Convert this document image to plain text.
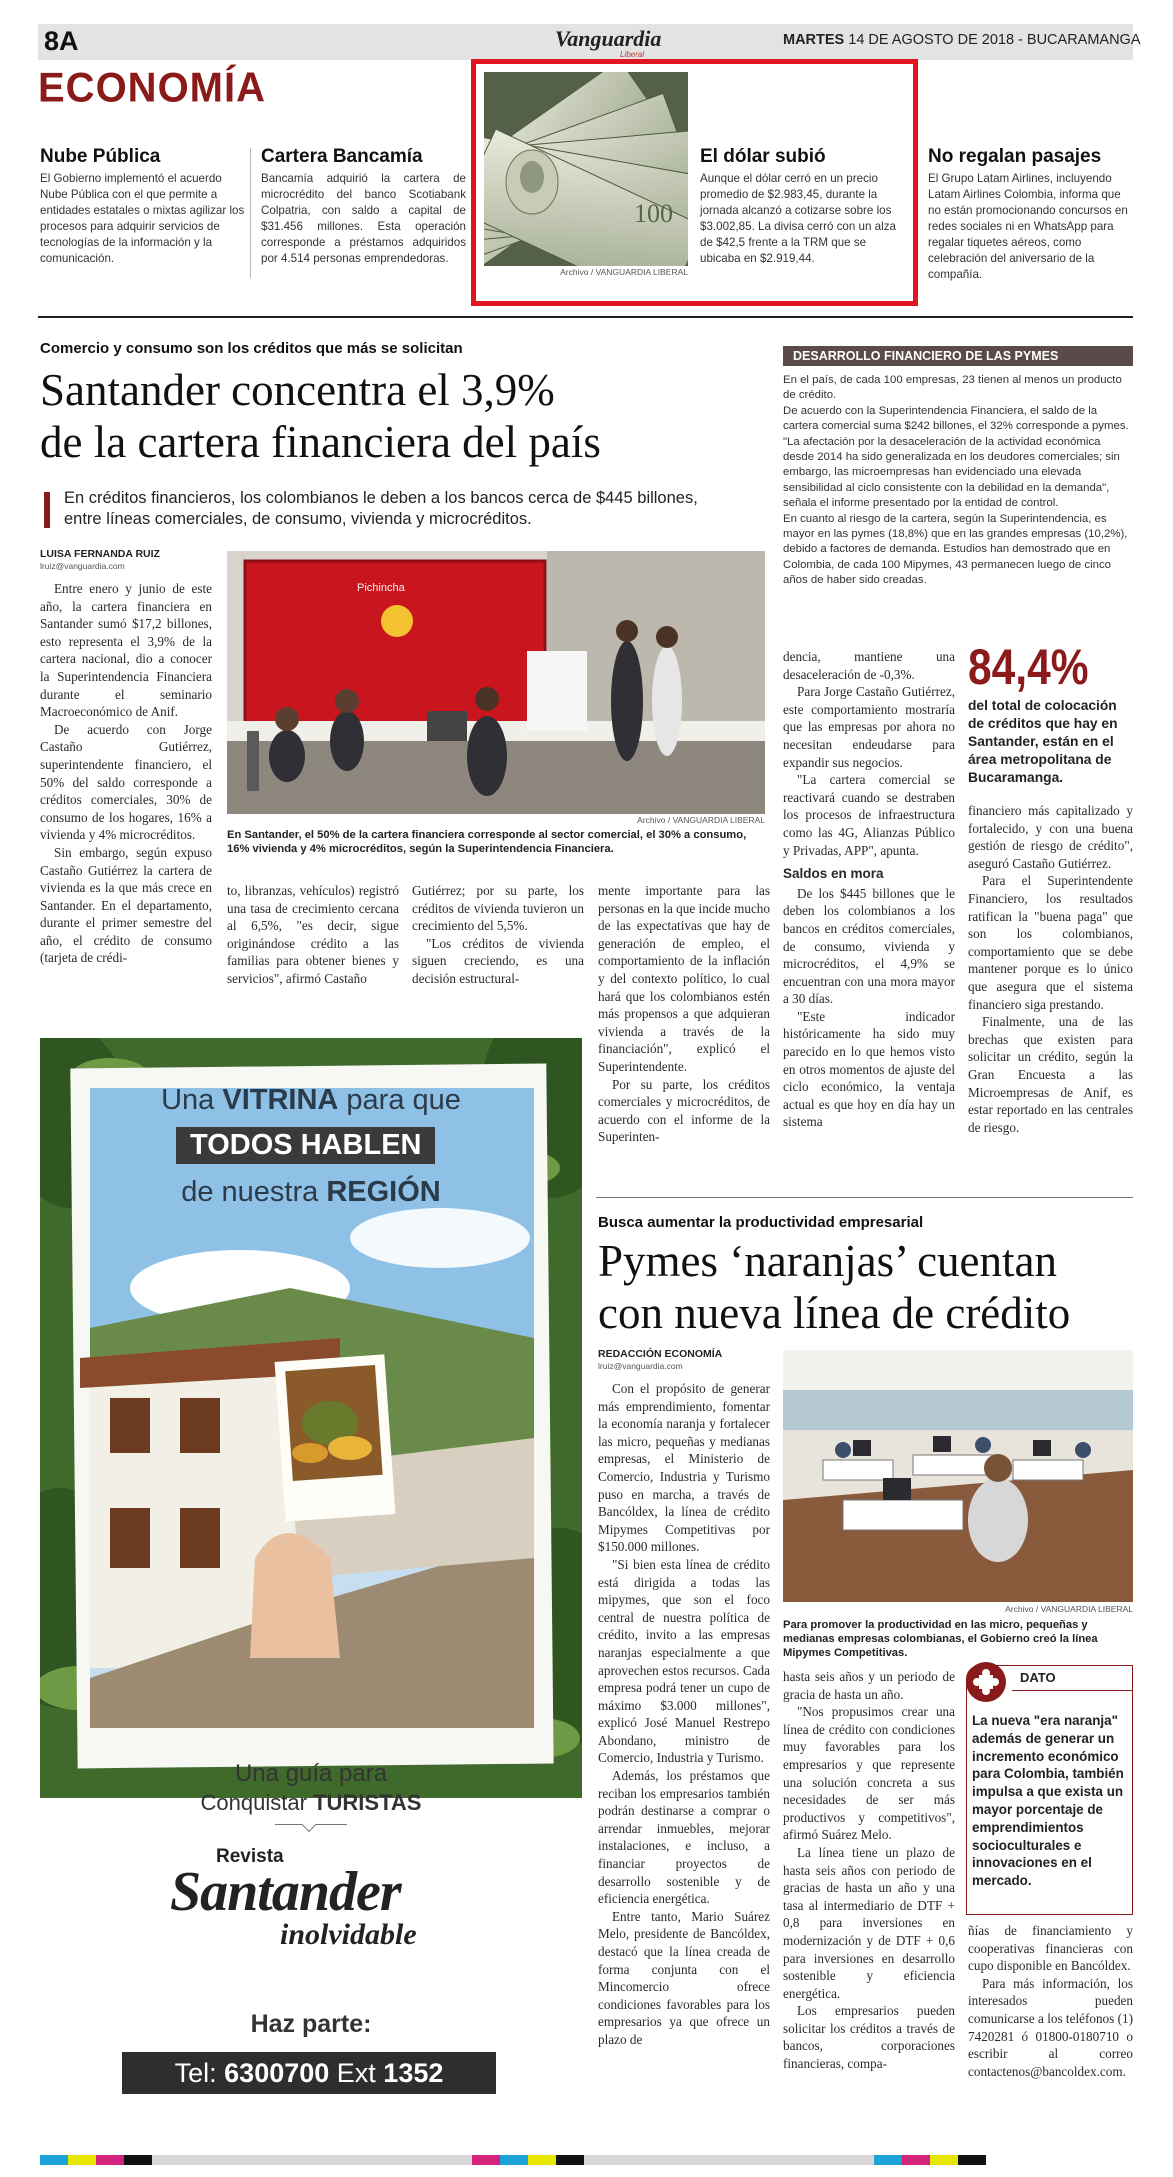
8A	Vanguardia
Liberal
MARTES 14 DE AGOSTO DE 2018 - BUCARAMANGA
ECONOMÍA
Nube Pública
El Gobierno implementó el acuerdo Nube Pública con el que permite a entidades estatales o mixtas agilizar los procesos para adquirir servicios de tecnologías de la información y la comunicación.
Cartera Bancamía
Bancamía adquirió la cartera de microcrédito del banco Scotiabank Colpatria, con saldo a capital de $31.456 millones. Esta operación corresponde a préstamos adquiridos por 4.514 personas emprendedoras.
100
Archivo / VANGUARDIA LIBERAL
El dólar subió
Aunque el dólar cerró en un precio promedio de $2.983,45, durante la jornada alcanzó a cotizarse sobre los $3.002,85. La divisa cerró con un alza de $42,5 frente a la TRM que se ubicaba en $2.919,44.
No regalan pasajes
El Grupo Latam Airlines, incluyendo Latam Airlines Colombia, informa que no están promocionando concursos en redes sociales ni en WhatsApp para regalar tiquetes aéreos, como celebración del aniversario de la compañía.
Comercio y consumo son los créditos que más se solicitan
Santander concentra el 3,9%
de la cartera financiera del país
En créditos financieros, los colombianos le deben a los bancos cerca de $445 billones,
entre líneas comerciales, de consumo, vivienda y microcréditos.
LUISA FERNANDA RUIZ
lruiz@vanguardia.com
Pichincha
Archivo / VANGUARDIA LIBERAL
En Santander, el 50% de la cartera financiera corresponde al sector comercial, el 30% a consumo, 16% vivienda y 4% microcréditos, según la Superintendencia Financiera.

Entre enero y junio de este año, la cartera financiera en Santander sumó $17,2 billones, esto representa el 3,9% de la cartera nacional, dio a conocer la Superintendencia Financiera durante el seminario Macroeconómico de Anif.

De acuerdo con Jorge Castaño Gutiérrez, superintendente financiero, el 50% del saldo corresponde a créditos comerciales, 30% de consumo de los hogares, 16% a vivienda y 4% microcréditos.

Sin embargo, según expuso Castaño Gutiérrez la cartera de vivienda es la que más crece en Santander. En el departamento, durante el primer semestre del año, el crédito de consumo (tarjeta de crédi-

to, libranzas, vehículos) registró una tasa de crecimiento cercana al 6,5%, "es decir, sigue originándose crédito a las familias para obtener bienes y servicios", afirmó Castaño

Gutiérrez; por su parte, los créditos de vivienda tuvieron un crecimiento del 5,5%.

"Los créditos de vivienda siguen creciendo, es una decisión estructural-

mente importante para las personas en la que incide mucho de las expectativas que hay de generación de empleo, el comportamiento de la inflación y del contexto político, lo cual hará que los colombianos estén más propensos a que adquieran vivienda a través de la financiación", explicó el Superintendente.

Por su parte, los créditos comerciales y microcréditos, de acuerdo con el informe de la Superinten-

dencia, mantiene una desaceleración de -0,3%.

Para Jorge Castaño Gutiérrez, este comportamiento mostraría que las empresas por ahora no necesitan endeudarse para expandir sus negocios.

"La cartera comercial se reactivará cuando se destraben los procesos de infraestructura como las 4G, Alianzas Público y Privadas, APP", apunta.

Saldos en mora

De los $445 billones que le deben los colombianos a los bancos en créditos comerciales, de consumo, vivienda y microcréditos, el 4,9% se encuentran con una mora mayor a 30 días.

"Este indicador históricamente ha sido muy parecido en lo que hemos visto en otros momentos de ajuste del ciclo económico, la ventaja actual es que hoy en día hay un sistema

financiero más capitalizado y fortalecido, y con una buena gestión de riesgo de crédito", aseguró Castaño Gutiérrez.

Para el Superintendente Financiero, los resultados ratifican la "buena paga" que son los colombianos, comportamiento que se debe mantener porque es lo único que asegura que el sistema financiero siga prestando.

Finalmente, una de las brechas que existen para solicitar un crédito, según la Gran Encuesta a las Microempresas de Anif, es estar reportado en las centrales de riesgo.

DESARROLLO FINANCIERO DE LAS PYMES
En el país, de cada 100 empresas, 23 tienen al menos un producto de crédito.
De acuerdo con la Superintendencia Financiera, el saldo de la cartera comercial suma $242 billones, el 32% corresponde a pymes.
"La afectación por la desaceleración de la actividad económica desde 2014 ha sido generalizada en los deudores comerciales; sin embargo, las microempresas han evidenciado una elevada sensibilidad al ciclo consistente con la debilidad en la demanda", señala el informe presentado por la entidad de control.
En cuanto al riesgo de la cartera, según la Superintendencia, es mayor en las pymes (18,8%) que en las grandes empresas (10,2%), debido a factores de demanda. Estudios han demostrado que en Colombia, de cada 100 Mipymes, 43 permanecen luego de cinco años de haber sido creadas.
84,4%
del total de colocación de créditos que hay en Santander, están en el área metropolitana de Bucaramanga.
Una VITRINA para que
TODOS HABLEN
de nuestra REGIÓN
Una guía para
Conquistar TURISTAS
Revista
Santander
inolvidable
Haz parte:
Tel: 6300700 Ext 1352
Busca aumentar la productividad empresarial
Pymes ‘naranjas’ cuentan
con nueva línea de crédito
REDACCIÓN ECONOMÍA
lruiz@vanguardia.com
Archivo / VANGUARDIA LIBERAL
Para promover la productividad en las micro, pequeñas y medianas empresas colombianas, el Gobierno creó la línea Mipymes Competitivas.

Con el propósito de generar más emprendimiento, fomentar la economía naranja y fortalecer las micro, pequeñas y medianas empresas, el Ministerio de Comercio, Industria y Turismo puso en marcha, a través de Bancóldex, la línea de crédito Mipymes Competitivas por $150.000 millones.

"Si bien esta línea de crédito está dirigida a todas las mipymes, que son el foco central de nuestra política de crédito, invito a las empresas naranjas especialmente a que aprovechen estos recursos. Cada empresa podrá tener un cupo de máximo $3.000 millones", explicó José Manuel Restrepo Abondano, ministro de Comercio, Industria y Turismo.

Además, los préstamos que reciban los empresarios también podrán destinarse a comprar o arrendar inmuebles, mejorar instalaciones, e incluso, a financiar proyectos de desarrollo sostenible y de eficiencia energética.

Entre tanto, Mario Suárez Melo, presidente de Bancóldex, destacó que la línea creada de forma conjunta con el Mincomercio ofrece condiciones favorables para los empresarios ya que ofrece un plazo de

hasta seis años y un periodo de gracia de hasta un año.

"Nos propusimos crear una línea de crédito con condiciones muy favorables para los empresarios y que represente una solución concreta a sus necesidades de ser más productivos y competitivos", afirmó Suárez Melo.

La línea tiene un plazo de hasta seis años con periodo de gracias de hasta un año y una tasa al intermediario de DTF + 0,8 para inversiones en modernización y de DTF + 0,6 para inversiones en desarrollo sostenible y eficiencia energética.

Los empresarios pueden solicitar los créditos a través de bancos, corporaciones financieras, compa-

DATO
La nueva "era naranja" además de generar un incremento económico para Colombia, también impulsa a que exista un mayor porcentaje de emprendimientos socioculturales e innovaciones en el mercado.

ñías de financiamiento y cooperativas financieras con cupo disponible en Bancóldex.

Para más información, los interesados pueden comunicarse a los teléfonos (1) 7420281 ó 01800-0180710 o escribir al correo contactenos@bancoldex.com.
